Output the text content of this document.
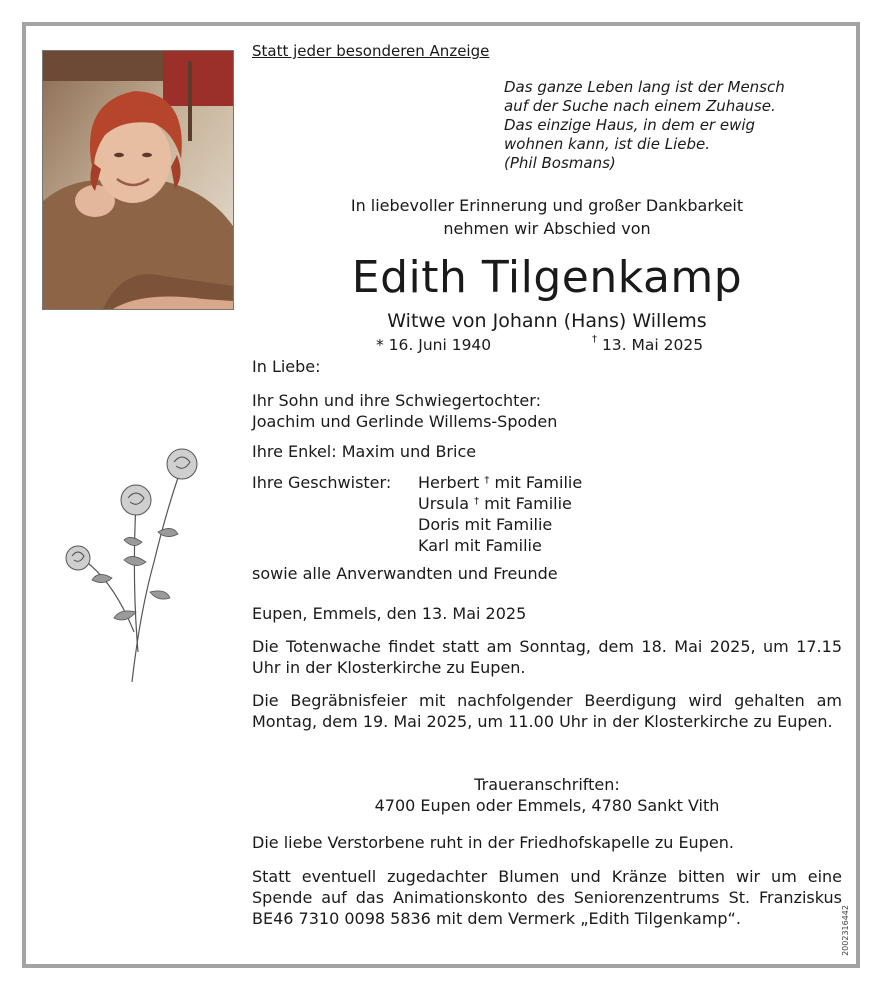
Statt jeder besonderen Anzeige
Das ganze Leben lang ist der Mensch
auf der Suche nach einem Zuhause.
Das einzige Haus, in dem er ewig
wohnen kann, ist die Liebe.
(Phil Bosmans)
In liebevoller Erinnerung und großer Dankbarkeit
nehmen wir Abschied von
Edith Tilgenkamp
Witwe von Johann (Hans) Willems
* 16. Juni 1940	† 13. Mai 2025
In Liebe:
Ihr Sohn und ihre Schwiegertochter:
Joachim und Gerlinde Willems-Spoden
Ihre Enkel: Maxim und Brice
Ihre Geschwister: Herbert † mit Familie
Ursula † mit Familie
Doris mit Familie
Karl mit Familie
sowie alle Anverwandten und Freunde
Eupen, Emmels, den 13. Mai 2025
Die Totenwache findet statt am Sonntag, dem 18. Mai 2025, um 17.15 Uhr in der Klosterkirche zu Eupen.
Die Begräbnisfeier mit nachfolgender Beerdigung wird gehalten am Montag, dem 19. Mai 2025, um 11.00 Uhr in der Klosterkirche zu Eupen.
Traueranschriften:
4700 Eupen oder Emmels, 4780 Sankt Vith
Die liebe Verstorbene ruht in der Friedhofskapelle zu Eupen.
Statt eventuell zugedachter Blumen und Kränze bitten wir um eine Spende auf das Animationskonto des Seniorenzentrums St. Franziskus BE46 7310 0098 5836 mit dem Vermerk „Edith Tilgenkamp“.	2002316442
